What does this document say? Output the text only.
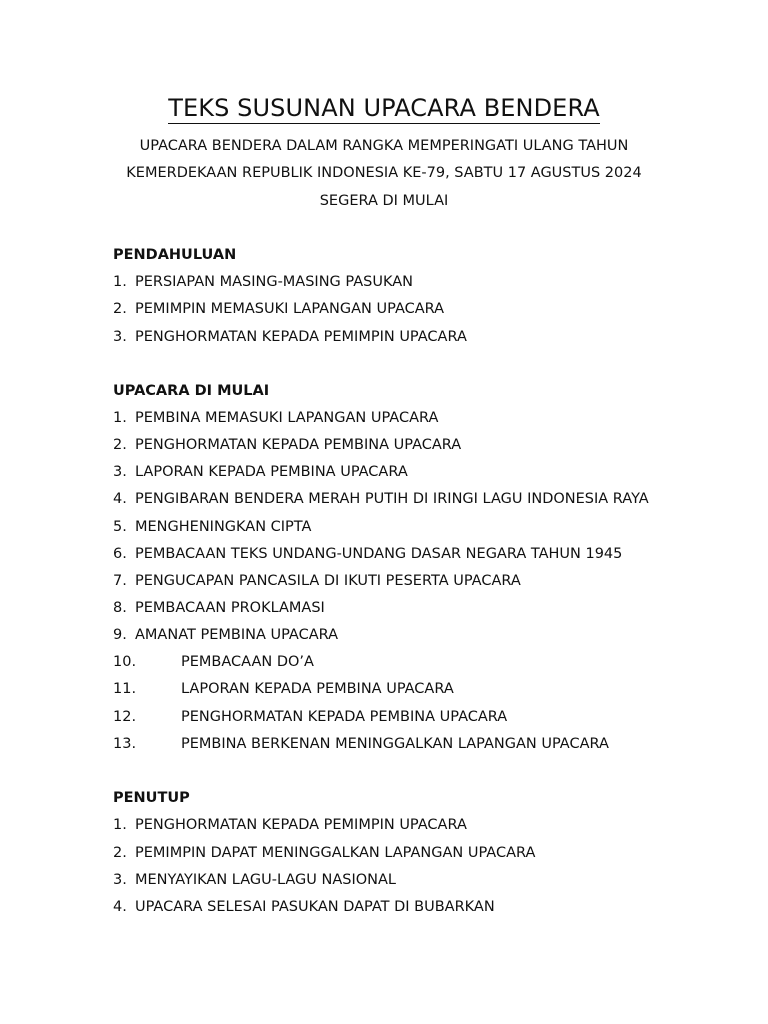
TEKS SUSUNAN UPACARA BENDERA
UPACARA BENDERA DALAM RANGKA MEMPERINGATI ULANG TAHUN
KEMERDEKAAN REPUBLIK INDONESIA KE-79, SABTU 17 AGUSTUS 2024
SEGERA DI MULAI
PENDAHULUAN
1. PERSIAPAN MASING-MASING PASUKAN
2. PEMIMPIN MEMASUKI LAPANGAN UPACARA
3. PENGHORMATAN KEPADA PEMIMPIN UPACARA
UPACARA DI MULAI
1. PEMBINA MEMASUKI LAPANGAN UPACARA
2. PENGHORMATAN KEPADA PEMBINA UPACARA
3. LAPORAN KEPADA PEMBINA UPACARA
4. PENGIBARAN BENDERA MERAH PUTIH DI IRINGI LAGU INDONESIA RAYA
5. MENGHENINGKAN CIPTA
6. PEMBACAAN TEKS UNDANG-UNDANG DASAR NEGARA TAHUN 1945
7. PENGUCAPAN PANCASILA DI IKUTI PESERTA UPACARA
8. PEMBACAAN PROKLAMASI
9. AMANAT PEMBINA UPACARA
10.	PEMBACAAN DO’A
11.	LAPORAN KEPADA PEMBINA UPACARA
12.	PENGHORMATAN KEPADA PEMBINA UPACARA
13.	PEMBINA BERKENAN MENINGGALKAN LAPANGAN UPACARA
PENUTUP
1. PENGHORMATAN KEPADA PEMIMPIN UPACARA
2. PEMIMPIN DAPAT MENINGGALKAN LAPANGAN UPACARA
3. MENYAYIKAN LAGU-LAGU NASIONAL
4. UPACARA SELESAI PASUKAN DAPAT DI BUBARKAN
